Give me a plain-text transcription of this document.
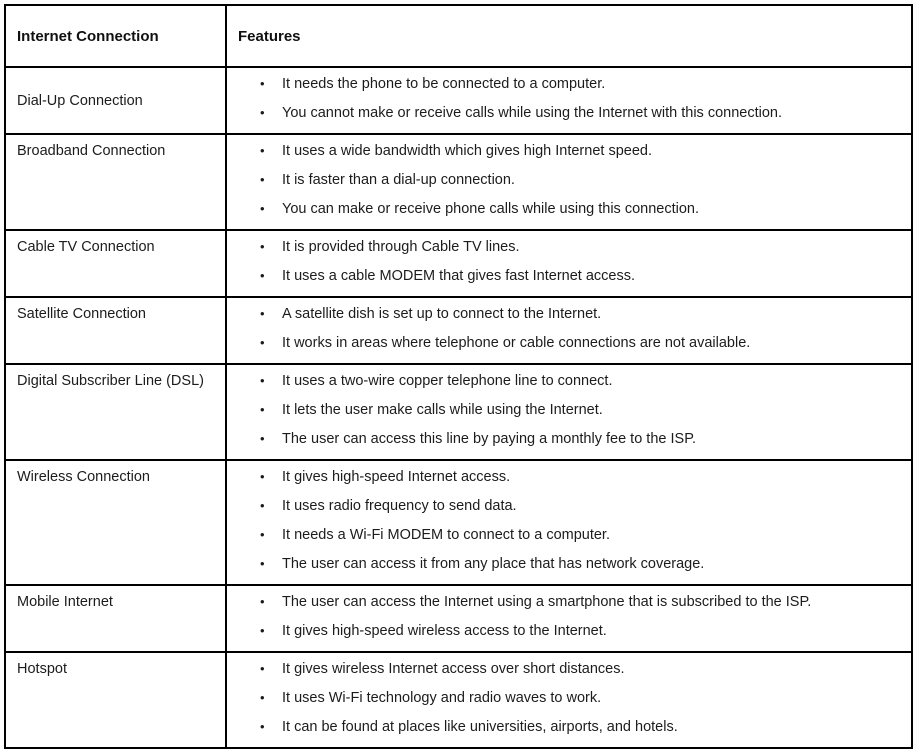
Internet Connection	Features
Dial-Up Connection	• It needs the phone to be connected to a computer.
• You cannot make or receive calls while using the Internet with this connection.

Broadband Connection	• It uses a wide bandwidth which gives high Internet speed.
• It is faster than a dial-up connection.
• You can make or receive phone calls while using this connection.

Cable TV Connection	• It is provided through Cable TV lines.
• It uses a cable MODEM that gives fast Internet access.

Satellite Connection	• A satellite dish is set up to connect to the Internet.
• It works in areas where telephone or cable connections are not available.

Digital Subscriber Line (DSL)	• It uses a two-wire copper telephone line to connect.
• It lets the user make calls while using the Internet.
• The user can access this line by paying a monthly fee to the ISP.

Wireless Connection	• It gives high-speed Internet access.
• It uses radio frequency to send data.
• It needs a Wi-Fi MODEM to connect to a computer.
• The user can access it from any place that has network coverage.

Mobile Internet	• The user can access the Internet using a smartphone that is subscribed to the ISP.
• It gives high-speed wireless access to the Internet.

Hotspot	• It gives wireless Internet access over short distances.
• It uses Wi-Fi technology and radio waves to work.
• It can be found at places like universities, airports, and hotels.
